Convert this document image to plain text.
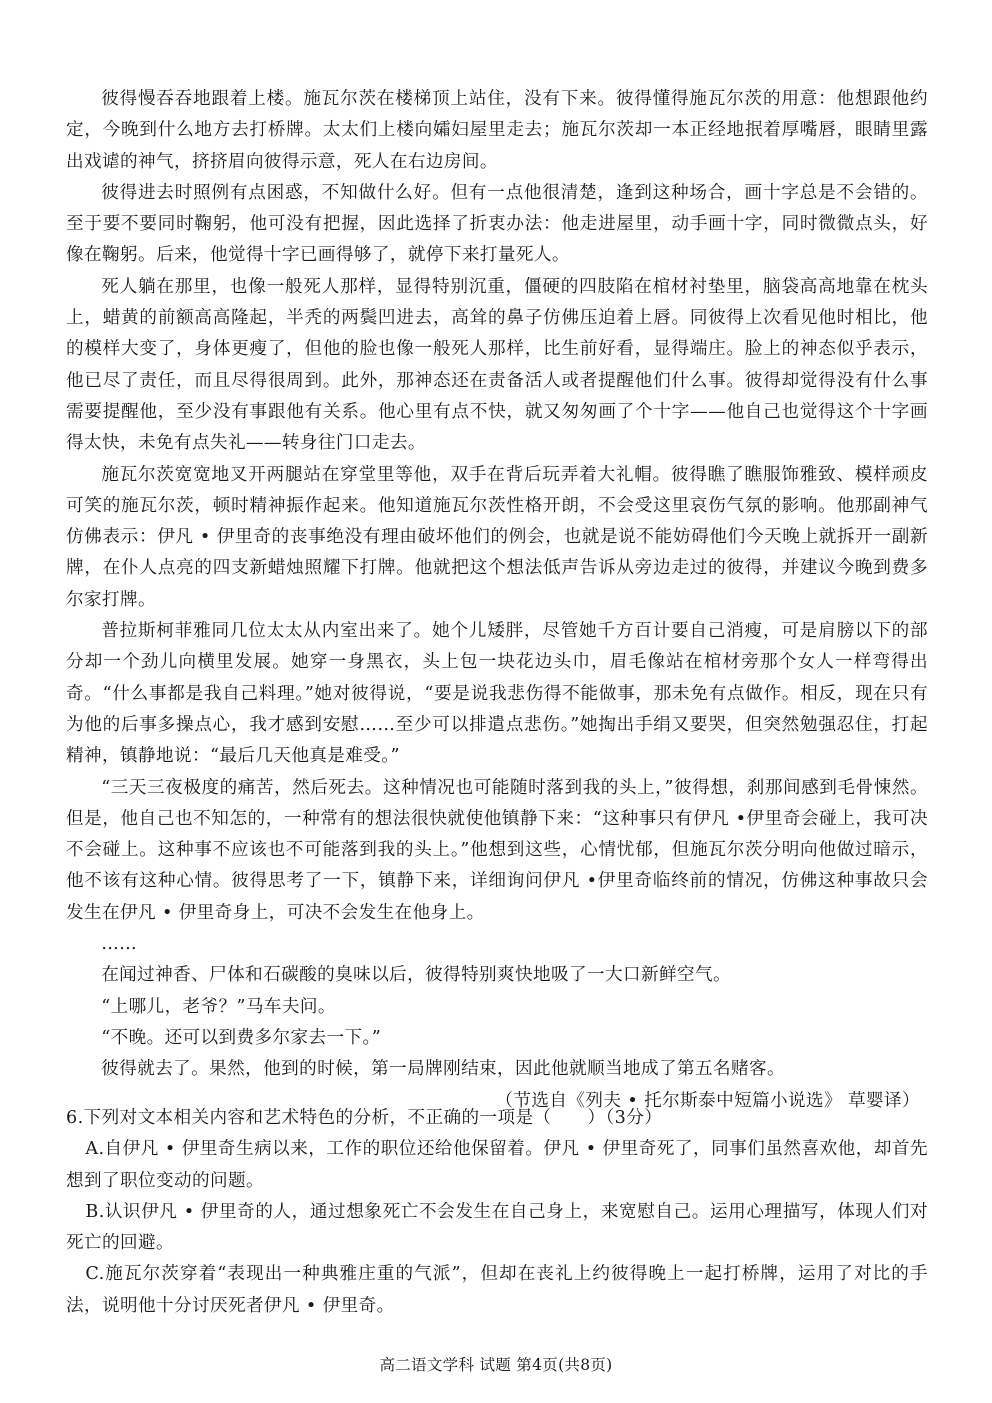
彼得慢吞吞地跟着上楼。施瓦尔茨在楼梯顶上站住，没有下来。彼得懂得施瓦尔茨的用意：他想跟他约定，今晚到什么地方去打桥牌。太太们上楼向孀妇屋里走去；施瓦尔茨却一本正经地抿着厚嘴唇，眼睛里露出戏谑的神气，挤挤眉向彼得示意，死人在右边房间。

彼得进去时照例有点困惑，不知做什么好。但有一点他很清楚，逢到这种场合，画十字总是不会错的。至于要不要同时鞠躬，他可没有把握，因此选择了折衷办法：他走进屋里，动手画十字，同时微微点头，好像在鞠躬。后来，他觉得十字已画得够了，就停下来打量死人。

死人躺在那里，也像一般死人那样，显得特别沉重，僵硬的四肢陷在棺材衬垫里，脑袋高高地靠在枕头上，蜡黄的前额高高隆起，半秃的两鬓凹进去，高耸的鼻子仿佛压迫着上唇。同彼得上次看见他时相比，他的模样大变了，身体更瘦了，但他的脸也像一般死人那样，比生前好看，显得端庄。脸上的神态似乎表示，他已尽了责任，而且尽得很周到。此外，那神态还在责备活人或者提醒他们什么事。彼得却觉得没有什么事需要提醒他，至少没有事跟他有关系。他心里有点不快，就又匆匆画了个十字——他自己也觉得这个十字画得太快，未免有点失礼——转身往门口走去。

施瓦尔茨宽宽地叉开两腿站在穿堂里等他，双手在背后玩弄着大礼帽。彼得瞧了瞧服饰雅致、模样顽皮可笑的施瓦尔茨，顿时精神振作起来。他知道施瓦尔茨性格开朗，不会受这里哀伤气氛的影响。他那副神气仿佛表示：伊凡 • 伊里奇的丧事绝没有理由破坏他们的例会，也就是说不能妨碍他们今天晚上就拆开一副新牌，在仆人点亮的四支新蜡烛照耀下打牌。他就把这个想法低声告诉从旁边走过的彼得，并建议今晚到费多尔家打牌。

普拉斯柯菲雅同几位太太从内室出来了。她个儿矮胖，尽管她千方百计要自己消瘦，可是肩膀以下的部分却一个劲儿向横里发展。她穿一身黑衣，头上包一块花边头巾，眉毛像站在棺材旁那个女人一样弯得出奇。“什么事都是我自己料理。”她对彼得说，“要是说我悲伤得不能做事，那未免有点做作。相反，现在只有为他的后事多操点心，我才感到安慰……至少可以排遣点悲伤。”她掏出手绢又要哭，但突然勉强忍住，打起精神，镇静地说：“最后几天他真是难受。”

“三天三夜极度的痛苦，然后死去。这种情况也可能随时落到我的头上，”彼得想，刹那间感到毛骨悚然。但是，他自己也不知怎的，一种常有的想法很快就使他镇静下来：“这种事只有伊凡 •伊里奇会碰上，我可决不会碰上。这种事不应该也不可能落到我的头上。”他想到这些，心情忧郁，但施瓦尔茨分明向他做过暗示，他不该有这种心情。彼得思考了一下，镇静下来，详细询问伊凡 •伊里奇临终前的情况，仿佛这种事故只会发生在伊凡 • 伊里奇身上，可决不会发生在他身上。

……

在闻过神香、尸体和石碳酸的臭味以后，彼得特别爽快地吸了一大口新鲜空气。

“上哪儿，老爷？”马车夫问。

“不晚。还可以到费多尔家去一下。”

彼得就去了。果然，他到的时候，第一局牌刚结束，因此他就顺当地成了第五名赌客。

（节选自《列夫 • 托尔斯泰中短篇小说选》 草婴译）

6.下列对文本相关内容和艺术特色的分析，不正确的一项是（　　）（3分）

A.自伊凡 • 伊里奇生病以来，工作的职位还给他保留着。伊凡 • 伊里奇死了，同事们虽然喜欢他，却首先想到了职位变动的问题。

B.认识伊凡 • 伊里奇的人，通过想象死亡不会发生在自己身上，来宽慰自己。运用心理描写，体现人们对死亡的回避。

C.施瓦尔茨穿着“表现出一种典雅庄重的气派”，但却在丧礼上约彼得晚上一起打桥牌，运用了对比的手法，说明他十分讨厌死者伊凡 • 伊里奇。

高二语文学科 试题 第4页(共8页)
